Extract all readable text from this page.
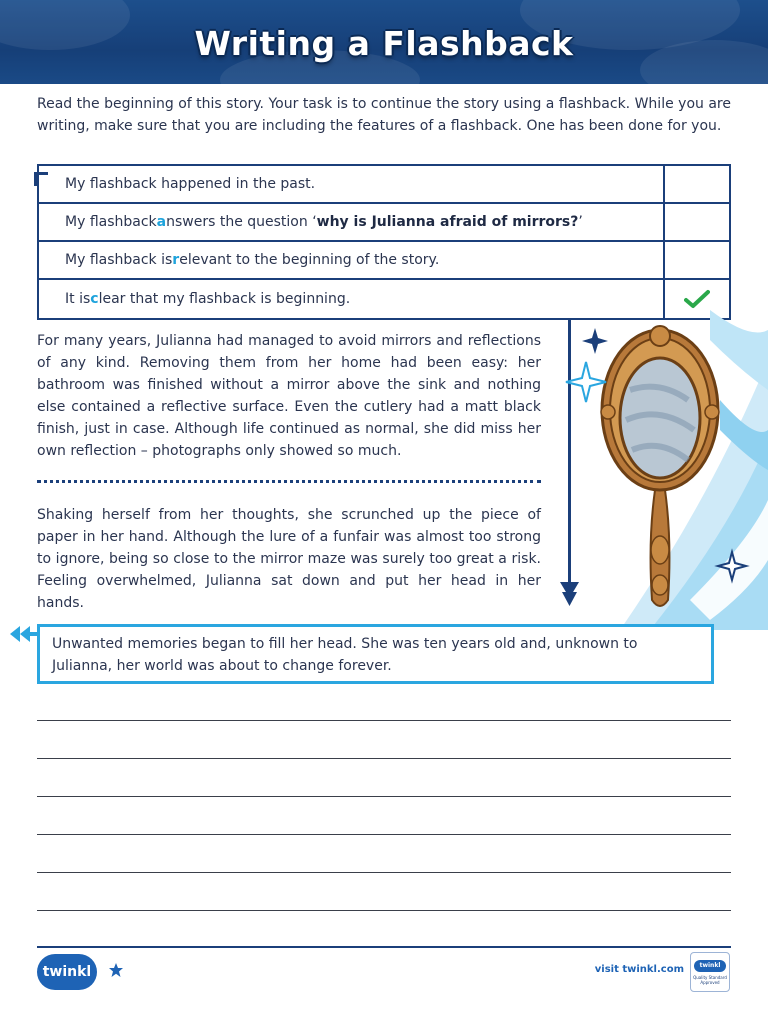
Writing a Flashback

Read the beginning of this story. Your task is to continue the story using a flashback. While you are writing, make sure that you are including the features of a flashback. One has been done for you.

My flashback happened in the past.
My flashback a nswers the question ‘ why is Julianna afraid of mirrors? ’
My flashback is r elevant to the beginning of the story.
It is c lear that my flashback is beginning.

For many years, Julianna had managed to avoid mirrors and reflections of any kind. Removing them from her home had been easy: her bathroom was finished without a mirror above the sink and nothing else contained a reflective surface. Even the cutlery had a matt black finish, just in case. Although life continued as normal, she did miss her own reflection – photographs only showed so much.

Shaking herself from her thoughts, she scrunched up the piece of paper in her hand. Although the lure of a funfair was almost too strong to ignore, being so close to the mirror maze was surely too great a risk. Feeling overwhelmed, Julianna sat down and put her head in her hands.

Unwanted memories began to fill her head. She was ten years old and, unknown to Julianna, her world was about to change forever.

twinkl	visit twinkl.com	twinkl
Quality Standard Approved
